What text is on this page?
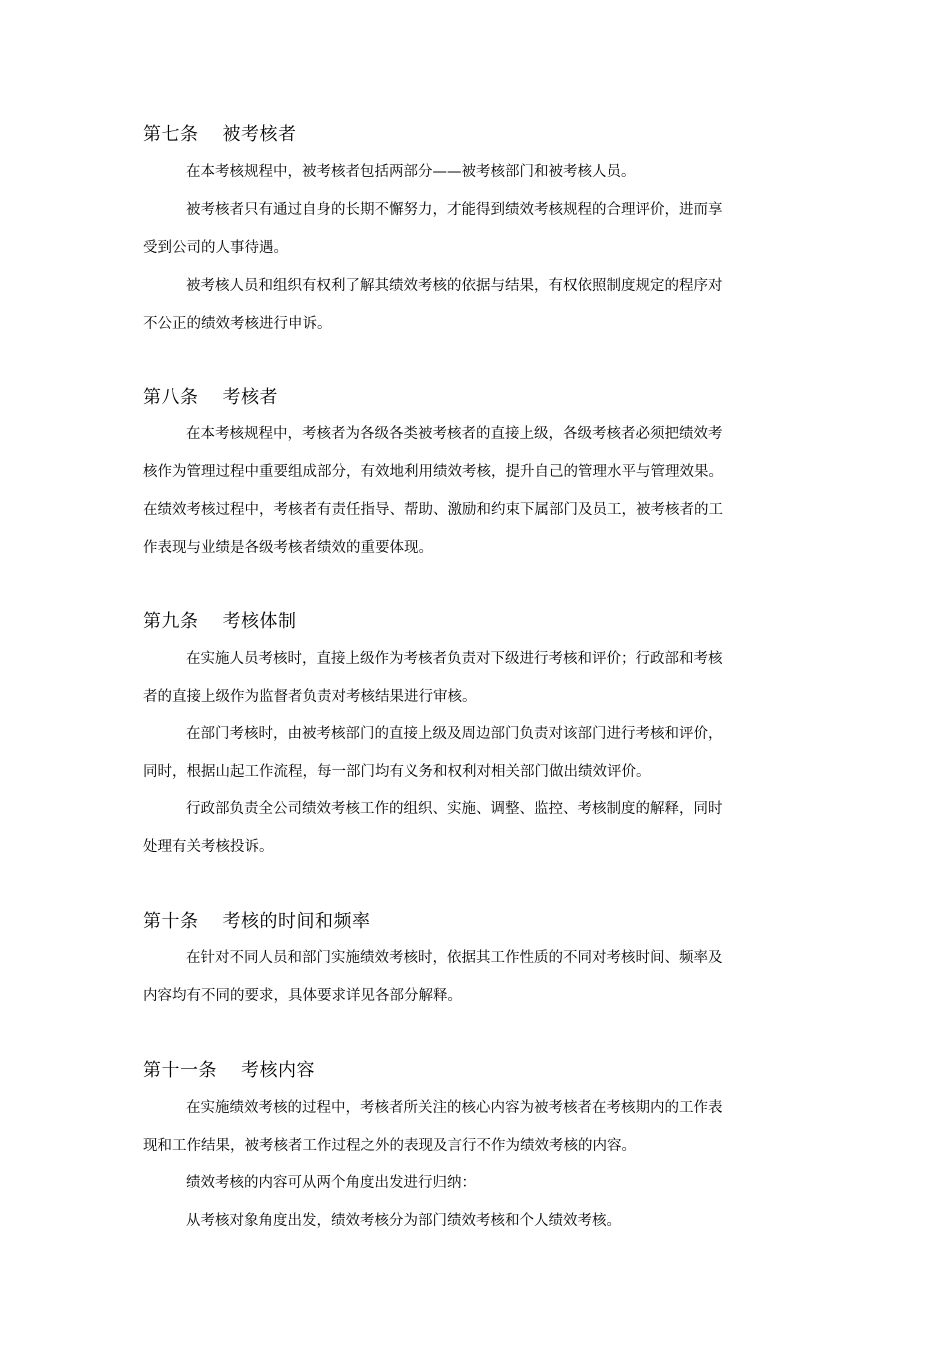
第七条 被考核者
在本考核规程中，被考核者包括两部分——被考核部门和被考核人员。
被考核者只有通过自身的长期不懈努力，才能得到绩效考核规程的合理评价，进而享
受到公司的人事待遇。
被考核人员和组织有权利了解其绩效考核的依据与结果，有权依照制度规定的程序对
不公正的绩效考核进行申诉。
第八条 考核者
在本考核规程中，考核者为各级各类被考核者的直接上级，各级考核者必须把绩效考
核作为管理过程中重要组成部分，有效地利用绩效考核，提升自己的管理水平与管理效果。
在绩效考核过程中，考核者有责任指导、帮助、激励和约束下属部门及员工，被考核者的工
作表现与业绩是各级考核者绩效的重要体现。
第九条 考核体制
在实施人员考核时，直接上级作为考核者负责对下级进行考核和评价；行政部和考核
者的直接上级作为监督者负责对考核结果进行审核。
在部门考核时，由被考核部门的直接上级及周边部门负责对该部门进行考核和评价，
同时，根据山起工作流程，每一部门均有义务和权利对相关部门做出绩效评价。
行政部负责全公司绩效考核工作的组织、实施、调整、监控、考核制度的解释，同时
处理有关考核投诉。
第十条 考核的时间和频率
在针对不同人员和部门实施绩效考核时，依据其工作性质的不同对考核时间、频率及
内容均有不同的要求，具体要求详见各部分解释。
第十一条 考核内容
在实施绩效考核的过程中，考核者所关注的核心内容为被考核者在考核期内的工作表
现和工作结果，被考核者工作过程之外的表现及言行不作为绩效考核的内容。
绩效考核的内容可从两个角度出发进行归纳：
从考核对象角度出发，绩效考核分为部门绩效考核和个人绩效考核。
